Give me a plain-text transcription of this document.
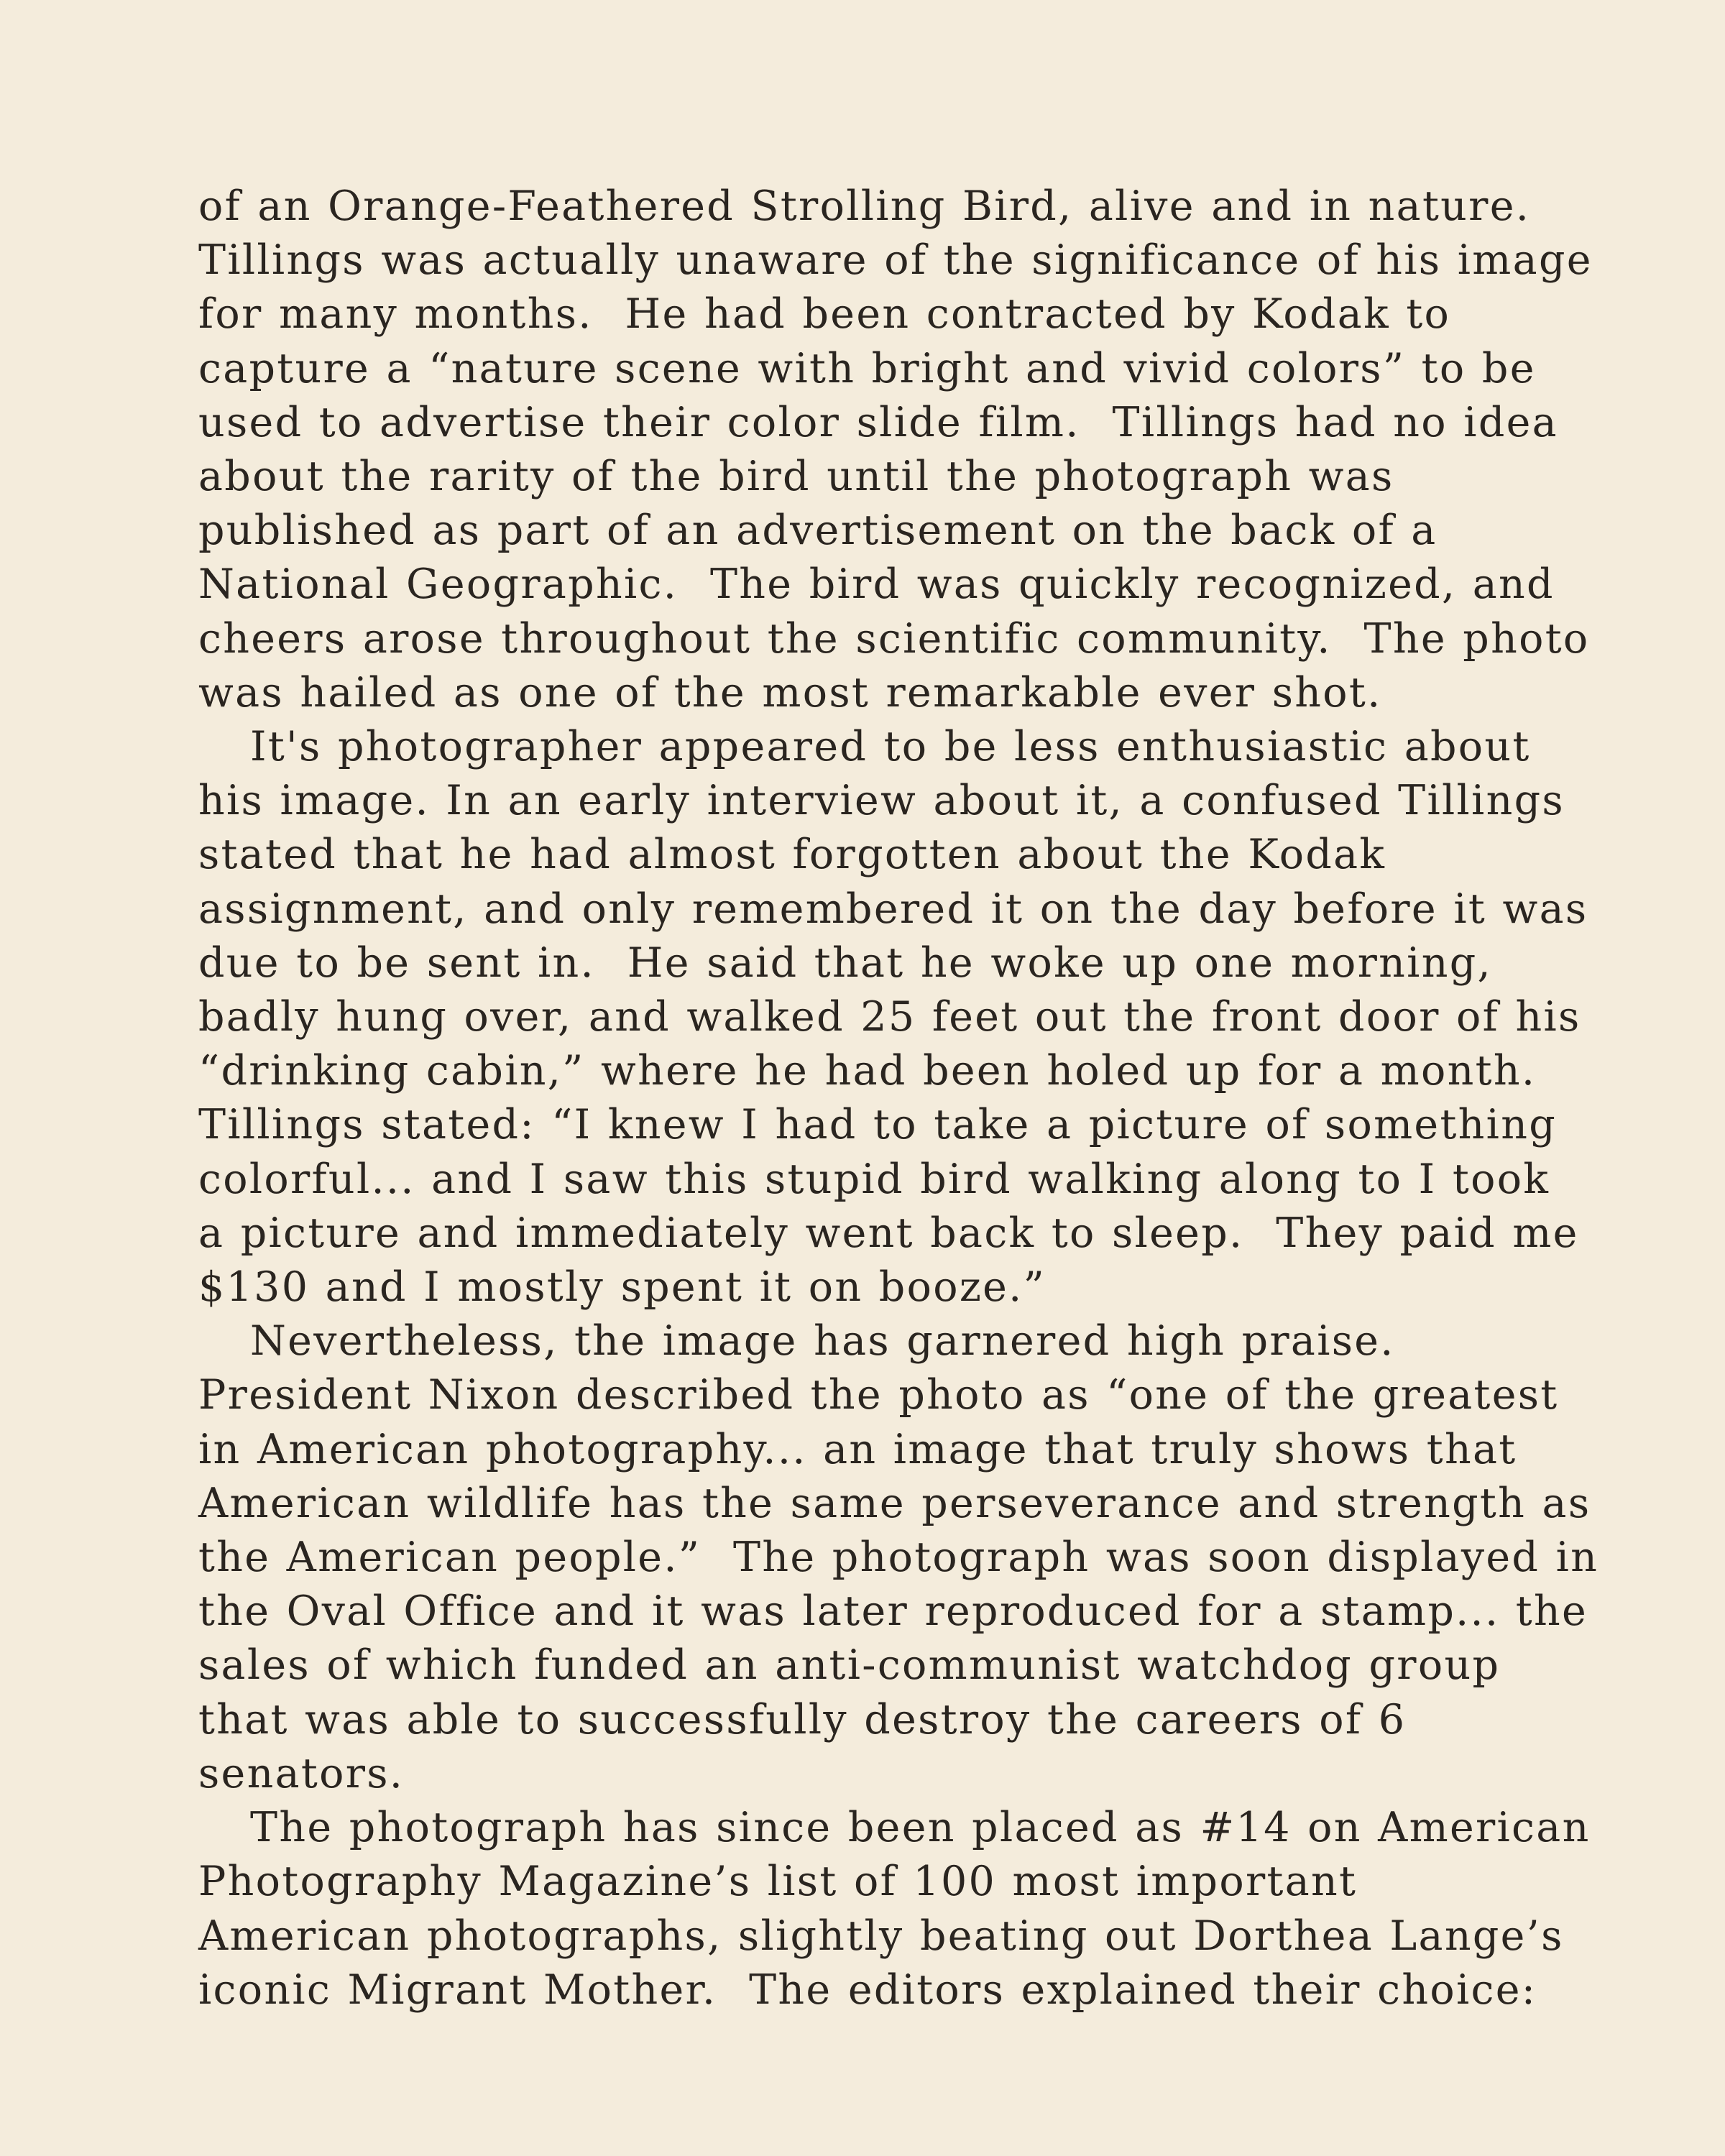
of an Orange-Feathered Strolling Bird, alive and in nature.
Tillings was actually unaware of the significance of his image
for many months.  He had been contracted by Kodak to
capture a “nature scene with bright and vivid colors” to be
used to advertise their color slide film.  Tillings had no idea
about the rarity of the bird until the photograph was
published as part of an advertisement on the back of a
National Geographic.  The bird was quickly recognized, and
cheers arose throughout the scientific community.  The photo
was hailed as one of the most remarkable ever shot.
It's photographer appeared to be less enthusiastic about
his image. In an early interview about it, a confused Tillings
stated that he had almost forgotten about the Kodak
assignment, and only remembered it on the day before it was
due to be sent in.  He said that he woke up one morning,
badly hung over, and walked 25 feet out the front door of his
“drinking cabin,” where he had been holed up for a month.
Tillings stated: “I knew I had to take a picture of something
colorful... and I saw this stupid bird walking along to I took
a picture and immediately went back to sleep.  They paid me
$130 and I mostly spent it on booze.”
Nevertheless, the image has garnered high praise.
President Nixon described the photo as “one of the greatest
in American photography... an image that truly shows that
American wildlife has the same perseverance and strength as
the American people.”  The photograph was soon displayed in
the Oval Office and it was later reproduced for a stamp... the
sales of which funded an anti-communist watchdog group
that was able to successfully destroy the careers of 6
senators.
The photograph has since been placed as #14 on American
Photography Magazine’s list of 100 most important
American photographs, slightly beating out Dorthea Lange’s
iconic Migrant Mother.  The editors explained their choice:
